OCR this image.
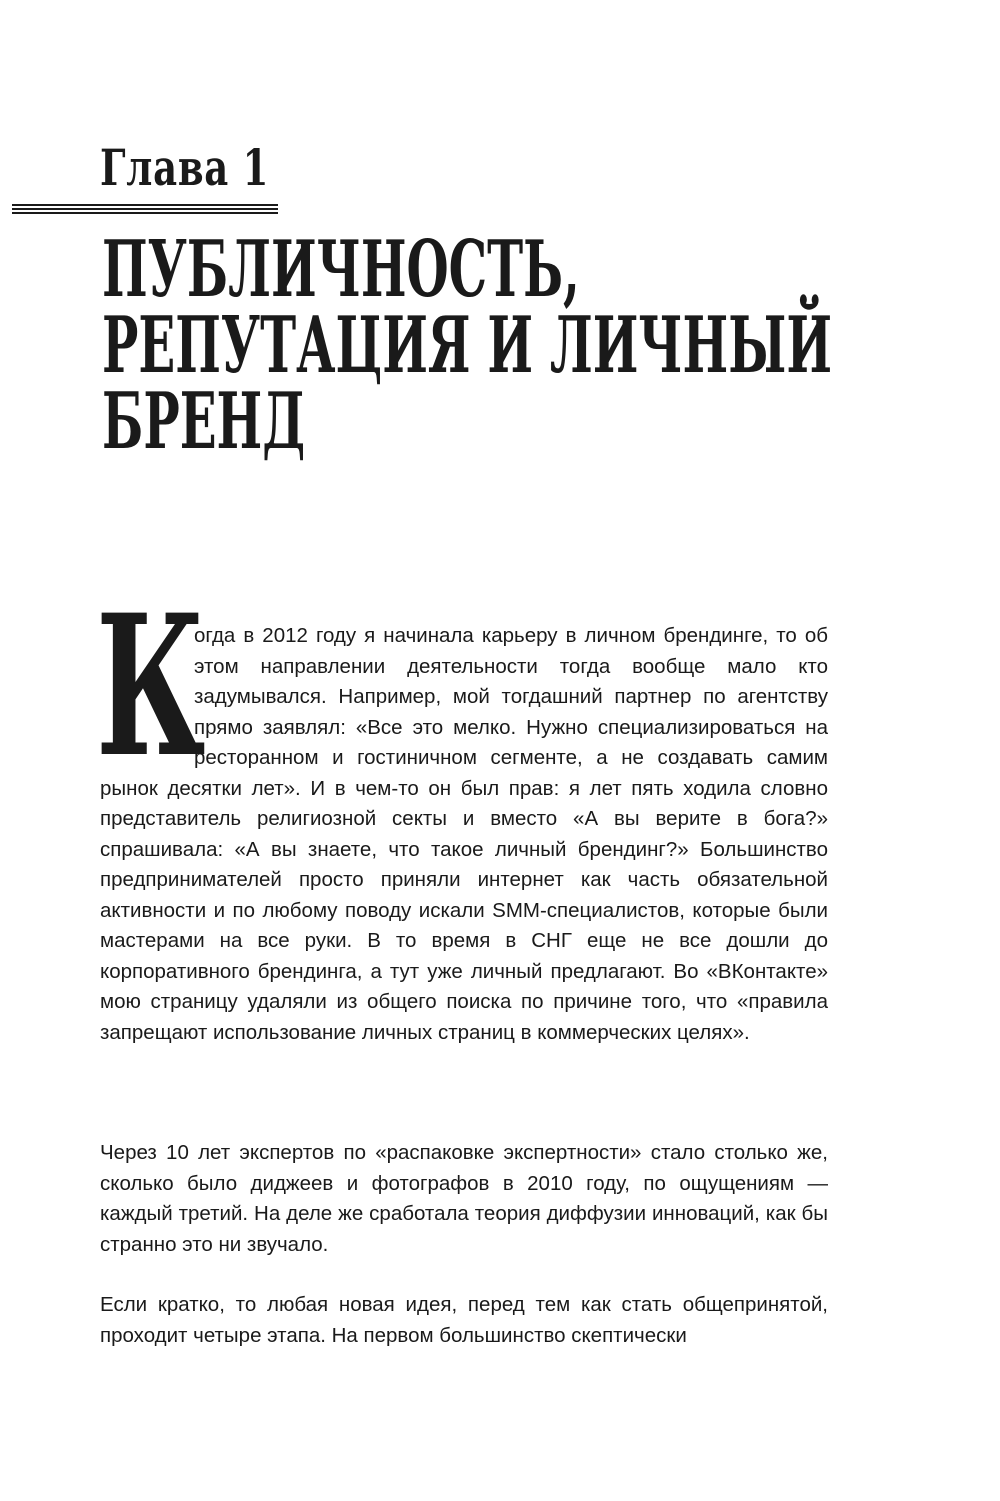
Глава 1
ПУБЛИЧНОСТЬ,
РЕПУТАЦИЯ И ЛИЧНЫЙ
БРЕНД
К

огда в 2012 году я начинала карьеру в личном брендинге, то об этом направлении деятельности тогда вообще мало кто задумывался. Например, мой тогдашний партнер по агентству прямо заявлял: «Все это мелко. Нужно специализироваться на ресторанном и гостиничном сегменте, а не создавать самим рынок десятки лет». И в чем-то он был прав: я лет пять ходила словно представитель религиозной секты и вместо «А вы верите в бога?» спрашивала: «А вы знаете, что такое личный брендинг?» Большинство предпринимателей просто приняли интернет как часть обязательной активности и по любому поводу искали SMM-специалистов, которые были мастерами на все руки. В то время в СНГ еще не все дошли до корпоративного брендинга, а тут уже личный предлагают. Во «ВКонтакте» мою страницу удаляли из общего поиска по причине того, что «правила запрещают использование личных страниц в коммерческих целях».

Через 10 лет экспертов по «распаковке экспертности» стало столько же, сколько было диджеев и фотографов в 2010 году, по ощущениям — каждый третий. На деле же сработала теория диффузии инноваций, как бы странно это ни звучало.

Если кратко, то любая новая идея, перед тем как стать общепринятой, проходит четыре этапа. На первом большинство скептически
